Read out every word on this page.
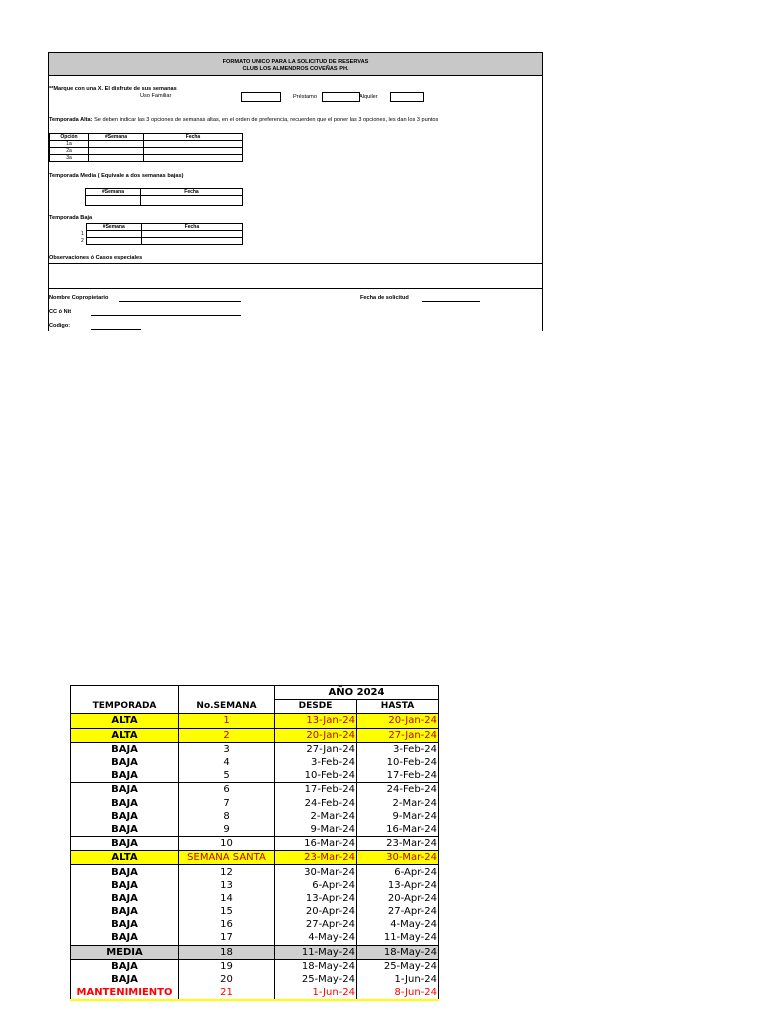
FORMATO UNICO PARA LA SOLICITUD DE RESERVAS
CLUB LOS ALMENDROS COVEÑAS PH.
**Marque con una X. El disfrute de sus semanas
Uso Familiar	Préstamo	Alquiler
Temporada Alta: Se deben indicar las 3 opciones de semanas altas, en el orden de preferencia, recuerden que el poner las 3 opciones, les dan los 3 puntos
Opción	#Semana	Fecha
1a		
2a		
3a		
Temporada Media ( Equivale a dos semanas bajas)
#Semana	Fecha

Temporada Baja
	#Semana	Fecha
1		
2		
Observaciones ó Casos especiales
Nombre Copropietario	Fecha de solicitud
CC ó Nit
Codigo:
		AÑO 2024	
TEMPORADA	No.SEMANA	DESDE	HASTA
ALTA	1	13-Jan-24	20-Jan-24
ALTA	2	20-Jan-24	27-Jan-24
BAJA	3	27-Jan-24	3-Feb-24
BAJA	4	3-Feb-24	10-Feb-24
BAJA	5	10-Feb-24	17-Feb-24
BAJA	6	17-Feb-24	24-Feb-24
BAJA	7	24-Feb-24	2-Mar-24
BAJA	8	2-Mar-24	9-Mar-24
BAJA	9	9-Mar-24	16-Mar-24
BAJA	10	16-Mar-24	23-Mar-24
ALTA	SEMANA SANTA	23-Mar-24	30-Mar-24
BAJA	12	30-Mar-24	6-Apr-24
BAJA	13	6-Apr-24	13-Apr-24
BAJA	14	13-Apr-24	20-Apr-24
BAJA	15	20-Apr-24	27-Apr-24
BAJA	16	27-Apr-24	4-May-24
BAJA	17	4-May-24	11-May-24
MEDIA	18	11-May-24	18-May-24
BAJA	19	18-May-24	25-May-24
BAJA	20	25-May-24	1-Jun-24
MANTENIMIENTO	21	1-Jun-24	8-Jun-24
